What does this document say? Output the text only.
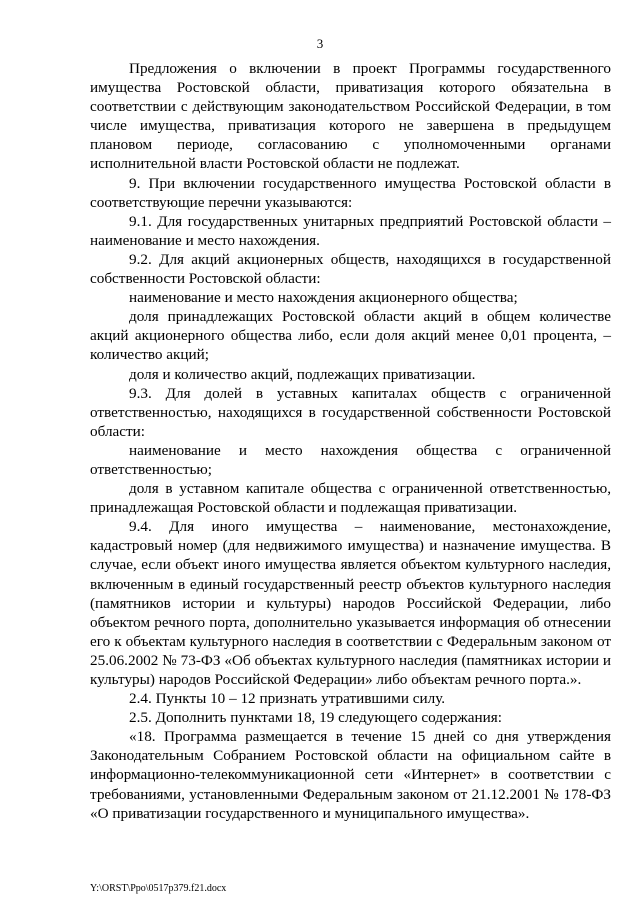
3

Предложения о включении в проект Программы государственного имущества Ростовской области, приватизация которого обязательна в соответствии с действующим законодательством Российской Федерации, в том числе имущества, приватизация которого не завершена в предыдущем плановом периоде, согласованию с уполномоченными органами исполнительной власти Ростовской области не подлежат.

9. При включении государственного имущества Ростовской области в соответствующие перечни указываются:

9.1. Для государственных унитарных предприятий Ростовской области – наименование и место нахождения.

9.2. Для акций акционерных обществ, находящихся в государственной собственности Ростовской области:

наименование и место нахождения акционерного общества;

доля принадлежащих Ростовской области акций в общем количестве акций акционерного общества либо, если доля акций менее 0,01 процента, – количество акций;

доля и количество акций, подлежащих приватизации.

9.3. Для долей в уставных капиталах обществ с ограниченной ответственностью, находящихся в государственной собственности Ростовской области:

наименование и место нахождения общества с ограниченной ответственностью;

доля в уставном капитале общества с ограниченной ответственностью, принадлежащая Ростовской области и подлежащая приватизации.

9.4. Для иного имущества – наименование, местонахождение, кадастровый номер (для недвижимого имущества) и назначение имущества. В случае, если объект иного имущества является объектом культурного наследия, включенным в единый государственный реестр объектов культурного наследия (памятников истории и культуры) народов Российской Федерации, либо объектом речного порта, дополнительно указывается информация об отнесении его к объектам культурного наследия в соответствии с Федеральным законом от 25.06.2002 № 73-ФЗ «Об объектах культурного наследия (памятниках истории и культуры) народов Российской Федерации» либо объектам речного порта.».

2.4. Пункты 10 – 12 признать утратившими силу.

2.5. Дополнить пунктами 18, 19 следующего содержания:

«18. Программа размещается в течение 15 дней со дня утверждения Законодательным Собранием Ростовской области на официальном сайте в информационно-телекоммуникационной сети «Интернет» в соответствии с требованиями, установленными Федеральным законом от 21.12.2001 № 178-ФЗ «О приватизации государственного и муниципального имущества».

Y:\ORST\Ppo\0517p379.f21.docx
